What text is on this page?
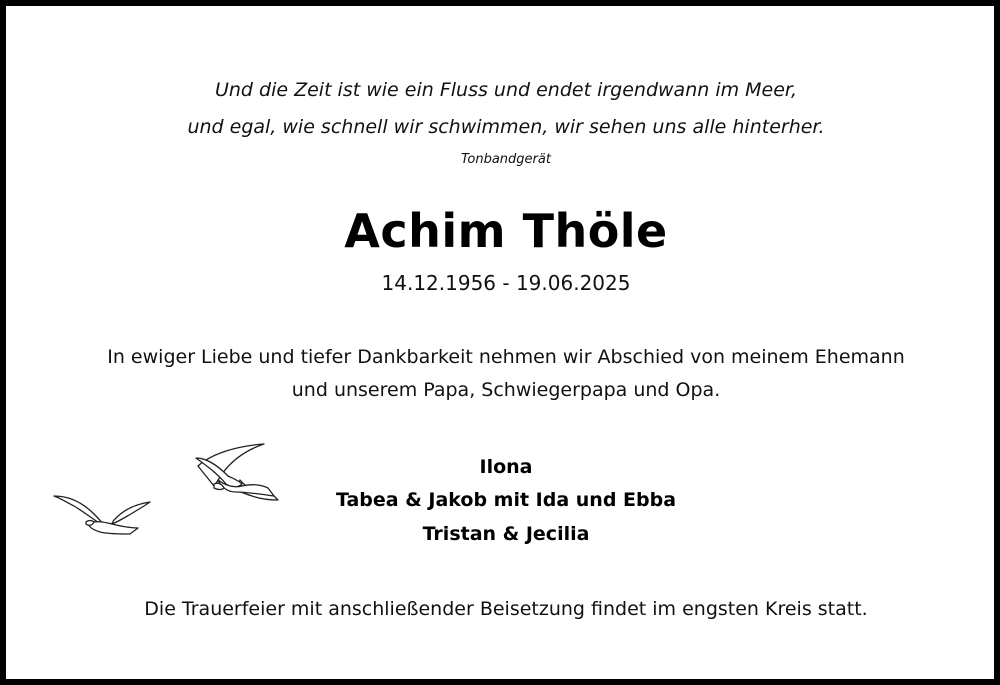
Und die Zeit ist wie ein Fluss und endet irgendwann im Meer,

und egal, wie schnell wir schwimmen, wir sehen uns alle hinterher.

Tonbandgerät

Achim Thöle

14.12.1956 - 19.06.2025

In ewiger Liebe und tiefer Dankbarkeit nehmen wir Abschied von meinem Ehemann

und unserem Papa, Schwiegerpapa und Opa.

Ilona

Tabea & Jakob mit Ida und Ebba

Tristan & Jecilia

Die Trauerfeier mit anschließender Beisetzung findet im engsten Kreis statt.
